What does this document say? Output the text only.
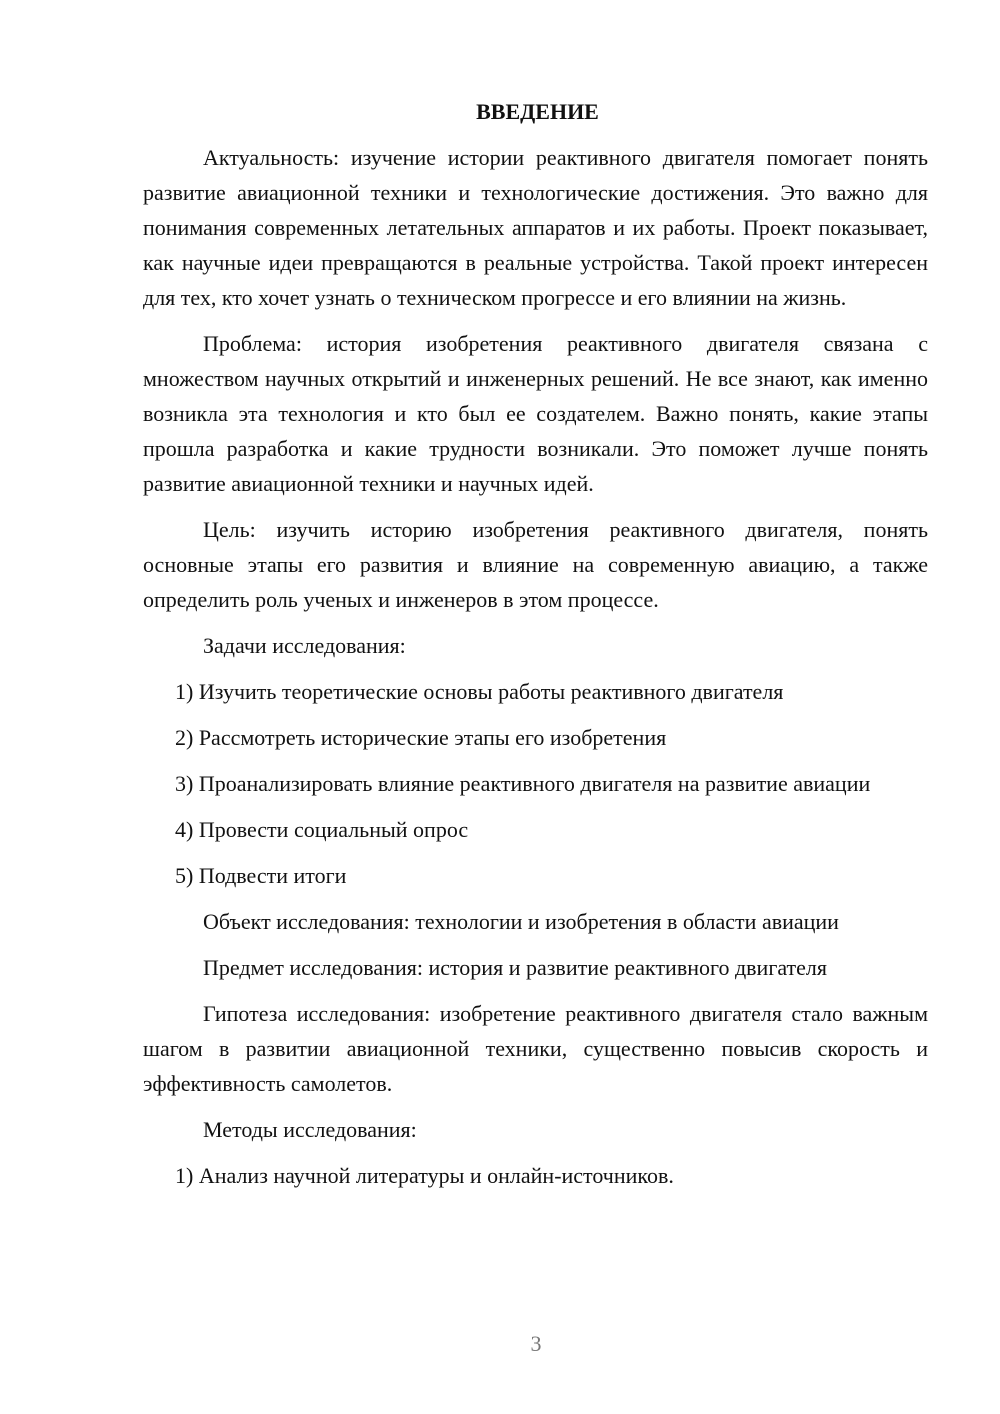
ВВЕДЕНИЕ

Актуальность: изучение истории реактивного двигателя помогает понять развитие авиационной техники и технологические достижения. Это важно для понимания современных летательных аппаратов и их работы. Проект показывает, как научные идеи превращаются в реальные устройства. Такой проект интересен для тех, кто хочет узнать о техническом прогрессе и его влиянии на жизнь.

Проблема: история изобретения реактивного двигателя связана с множеством научных открытий и инженерных решений. Не все знают, как именно возникла эта технология и кто был ее создателем. Важно понять, какие этапы прошла разработка и какие трудности возникали. Это поможет лучше понять развитие авиационной техники и научных идей.

Цель: изучить историю изобретения реактивного двигателя, понять основные этапы его развития и влияние на современную авиацию, а также определить роль ученых и инженеров в этом процессе.

Задачи исследования:

1) Изучить теоретические основы работы реактивного двигателя

2) Рассмотреть исторические этапы его изобретения

3) Проанализировать влияние реактивного двигателя на развитие авиации

4) Провести социальный опрос

5) Подвести итоги

Объект исследования: технологии и изобретения в области авиации

Предмет исследования: история и развитие реактивного двигателя

Гипотеза исследования: изобретение реактивного двигателя стало важным шагом в развитии авиационной техники, существенно повысив скорость и эффективность самолетов.

Методы исследования:

1) Анализ научной литературы и онлайн-источников.

3
